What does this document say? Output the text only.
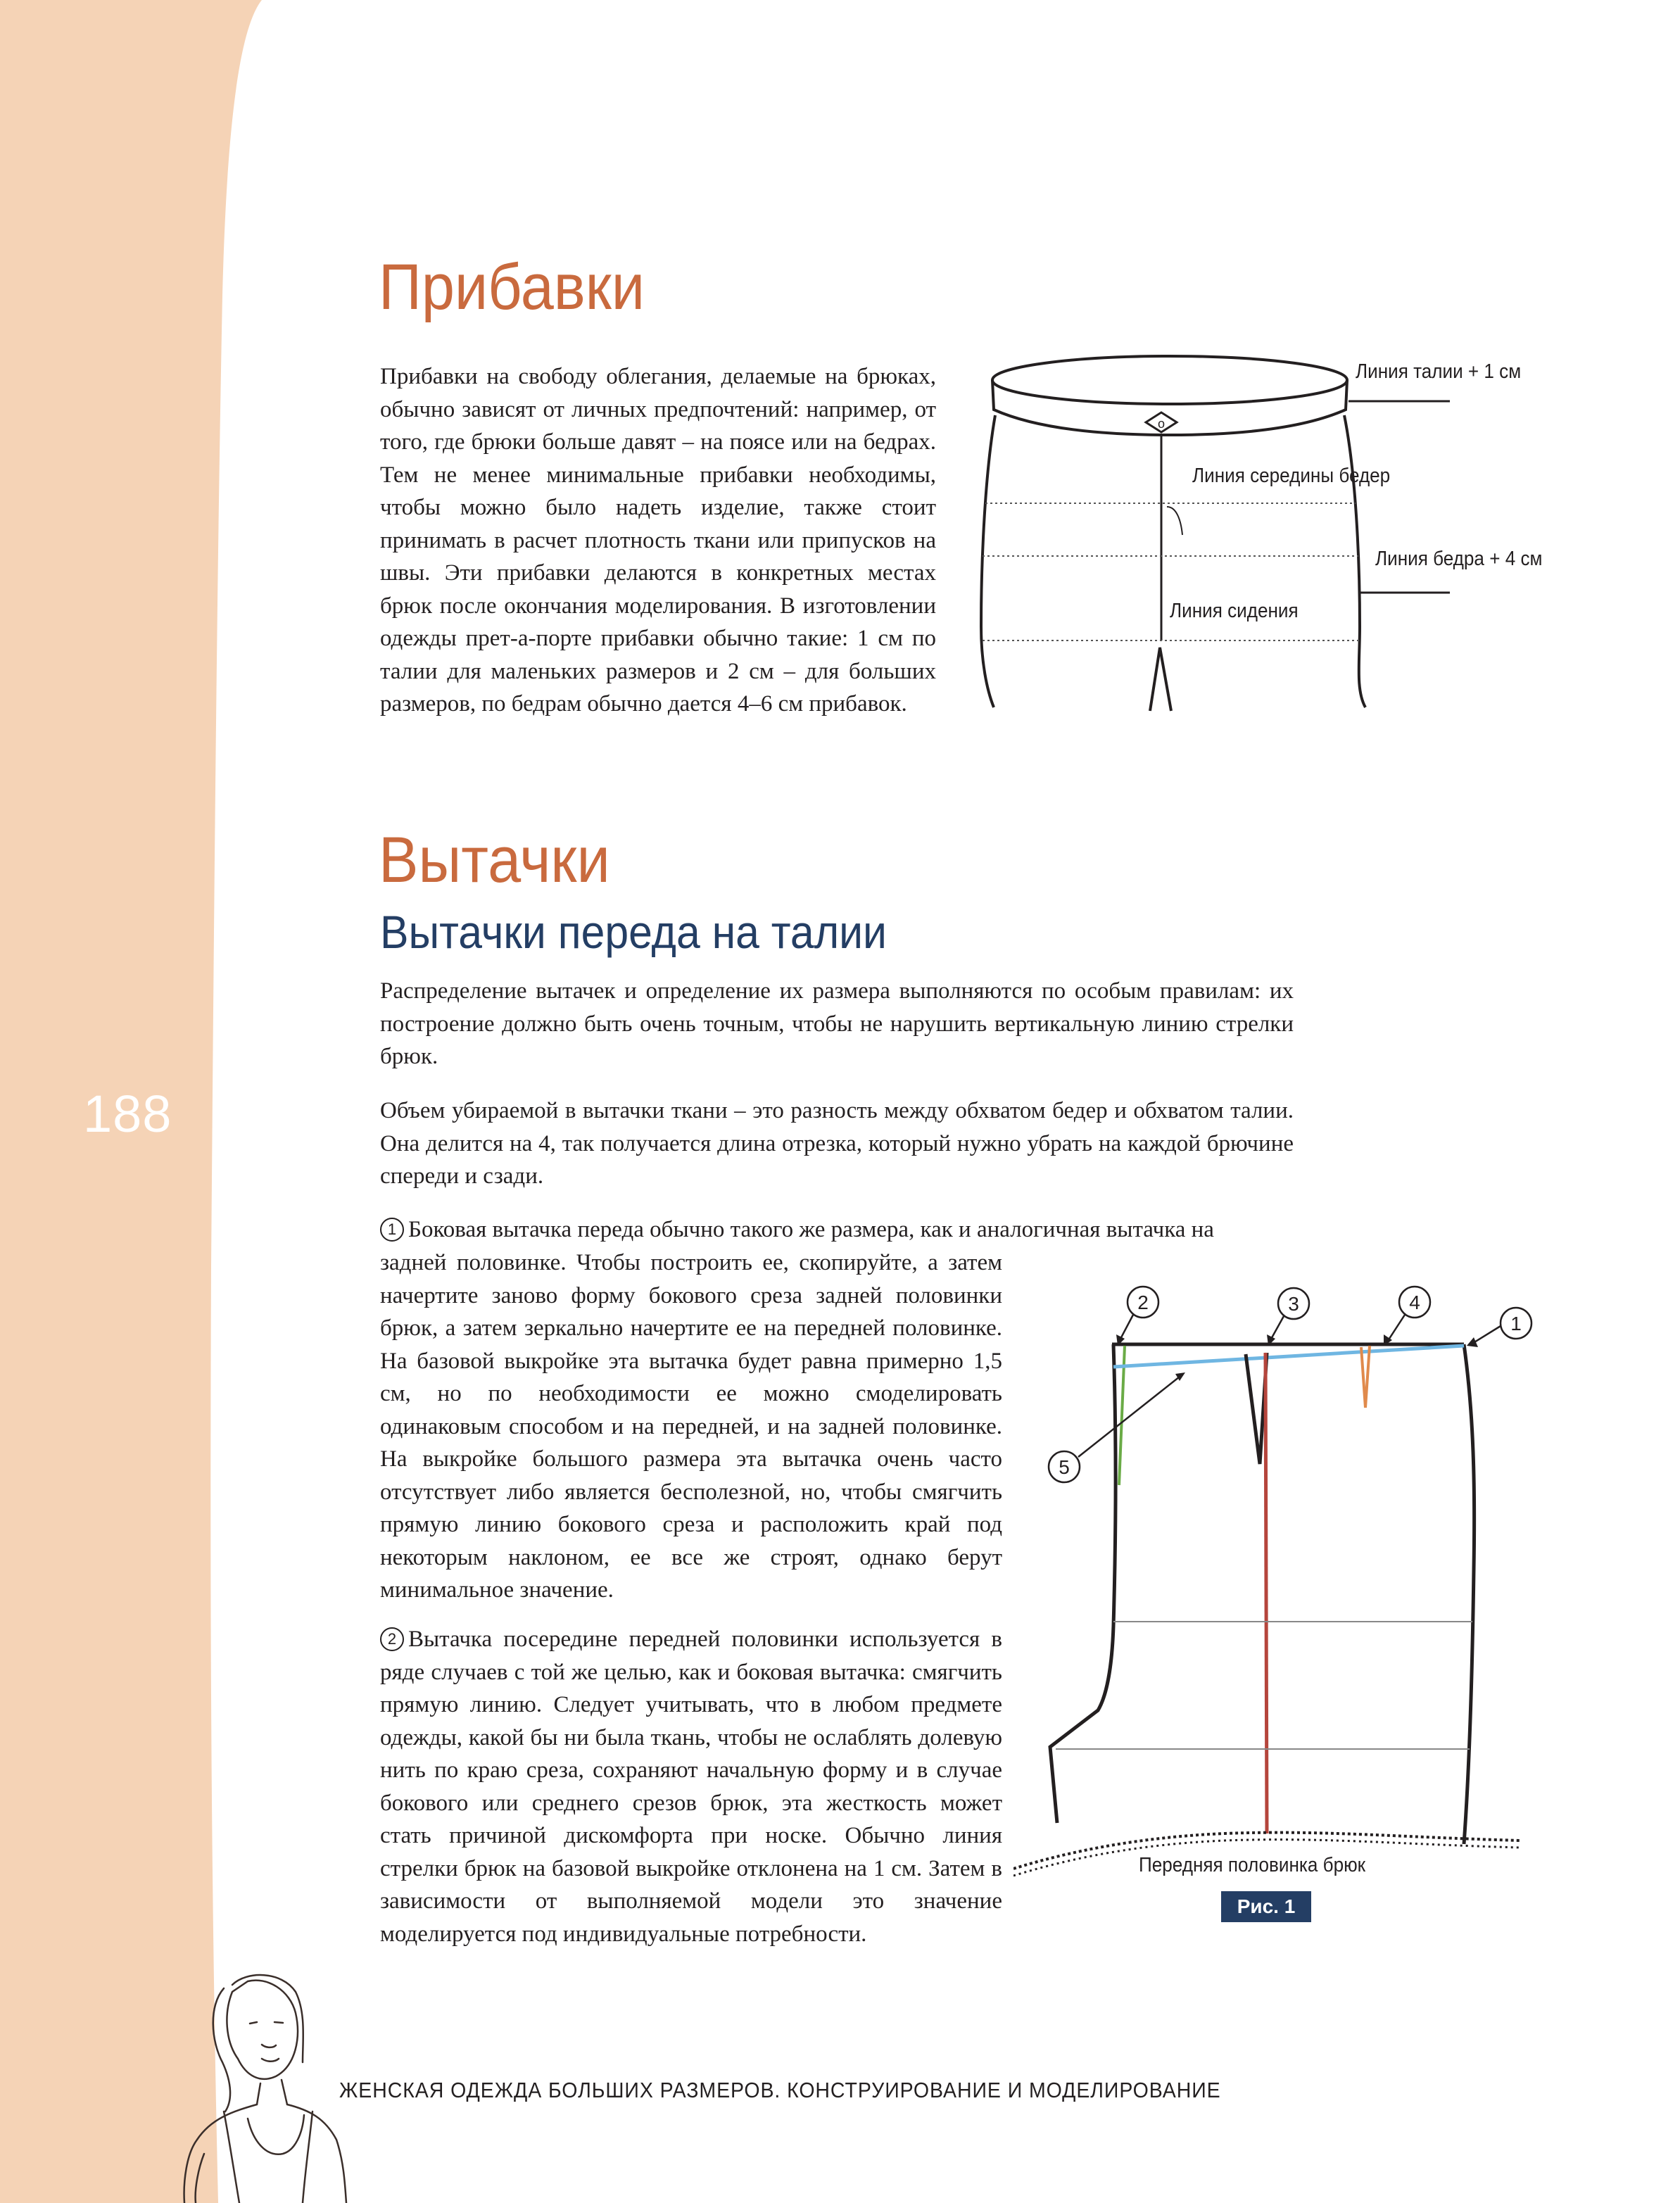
188
Прибавки

Прибавки на свободу облегания, делаемые на брюках, обычно зависят от личных предпочтений: например, от того, где брюки больше давят – на поясе или на бедрах. Тем не менее минимальные прибавки необходимы, чтобы можно было надеть изделие, также стоит принимать в расчет плотность ткани или припусков на швы. Эти прибавки делаются в конкретных местах брюк после окончания моделирования. В изготовлении одежды прет-а-порте прибавки обычно такие: 1 см по талии для маленьких размеров и 2 см – для больших размеров, по бедрам обычно дается 4–6 см прибавок.

o
Линия талии + 1 см
Линия середины бедер
Линия бедра + 4 см
Линия сидения
Вытачки
Вытачки переда на талии

Распределение вытачек и определение их размера выполняются по особым правилам: их построение должно быть очень точным, чтобы не нарушить вертикальную линию стрелки брюк.

Объем убираемой в вытачки ткани – это разность между обхватом бедер и обхватом талии. Она делится на 4, так получается длина отрезка, который нужно убрать на каждой брючине спереди и сзади.

1 Боковая вытачка переда обычно такого же размера, как и аналогичная вытачка на

задней половинке. Чтобы построить ее, скопируйте, а затем начертите заново форму бокового среза задней половинки брюк, а затем зеркально начертите ее на передней половинке. На базовой выкройке эта вытачка будет равна примерно 1,5 см, но по необходимости ее можно смоделировать одинаковым способом и на передней, и на задней половинке. На выкройке большого размера эта вытачка очень часто отсутствует либо является бесполезной, но, чтобы смягчить прямую линию бокового среза и расположить край под некоторым наклоном, ее все же строят, однако берут минимальное значение.

2 Вытачка посередине передней половинки используется в ряде случаев с той же целью, как и боковая вытачка: смягчить прямую линию. Следует учитывать, что в любом предмете одежды, какой бы ни была ткань, чтобы не ослаблять долевую нить по краю среза, сохраняют начальную форму и в случае бокового или среднего срезов брюк, эта жесткость может стать причиной дискомфорта при носке. Обычно линия стрелки брюк на базовой выкройке отклонена на 1 см. Затем в зависимости от выполняемой модели это значение моделируется под индивидуальные потребности.

2	3	4
1
5
Передняя половинка брюк
Рис. 1
ЖЕНСКАЯ ОДЕЖДА БОЛЬШИХ РАЗМЕРОВ. КОНСТРУИРОВАНИЕ И МОДЕЛИРОВАНИЕ
